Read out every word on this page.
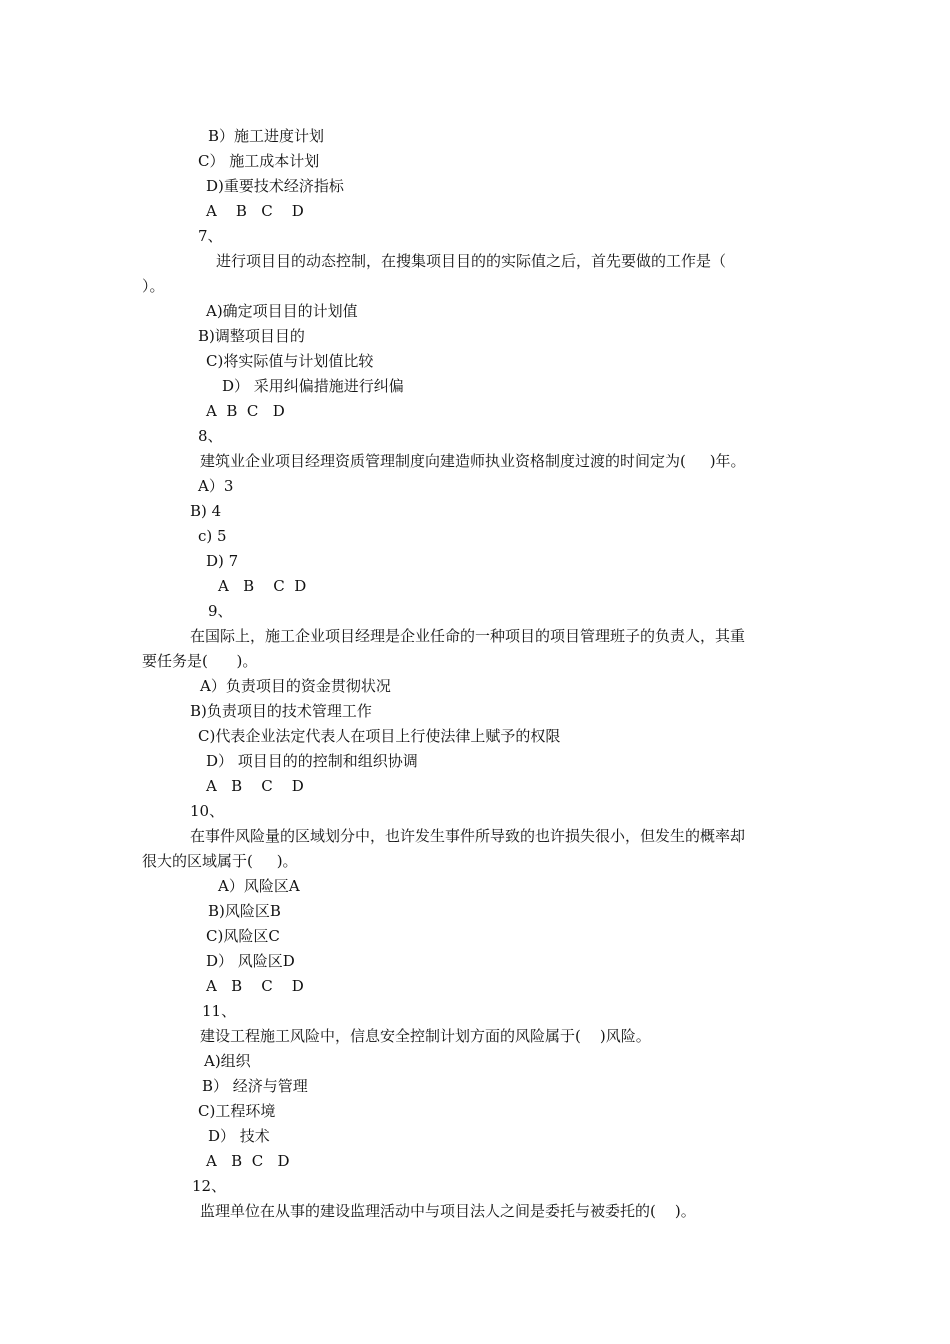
B）施工进度计划
C） 施工成本计划
D)重要技术经济指标
A    B   C    D
7、
进行项目目的动态控制，在搜集项目目的的实际值之后，首先要做的工作是（
）。
A)确定项目目的计划值
B)调整项目目的
C)将实际值与计划值比较
D） 采用纠偏措施进行纠偏
A  B  C   D
8、
建筑业企业项目经理资质管理制度向建造师执业资格制度过渡的时间定为(     )年。
A）3
B) 4
c) 5
D) 7
A   B    C  D
9、
在国际上，施工企业项目经理是企业任命的一种项目的项目管理班子的负责人，其重
要任务是(      )。
A）负责项目的资金贯彻状况
B)负责项目的技术管理工作
C)代表企业法定代表人在项目上行使法律上赋予的权限
D） 项目目的的控制和组织协调
A   B    C    D
10、
在事件风险量的区域划分中，也许发生事件所导致的也许损失很小，但发生的概率却
很大的区域属于(     )。
A）风险区A
B)风险区B
C)风险区C
D） 风险区D
A   B    C    D
11、
建设工程施工风险中，信息安全控制计划方面的风险属于(    )风险。
A)组织
B） 经济与管理
C)工程环境
D） 技术
A   B  C   D
12、
监理单位在从事的建设监理活动中与项目法人之间是委托与被委托的(    )。
